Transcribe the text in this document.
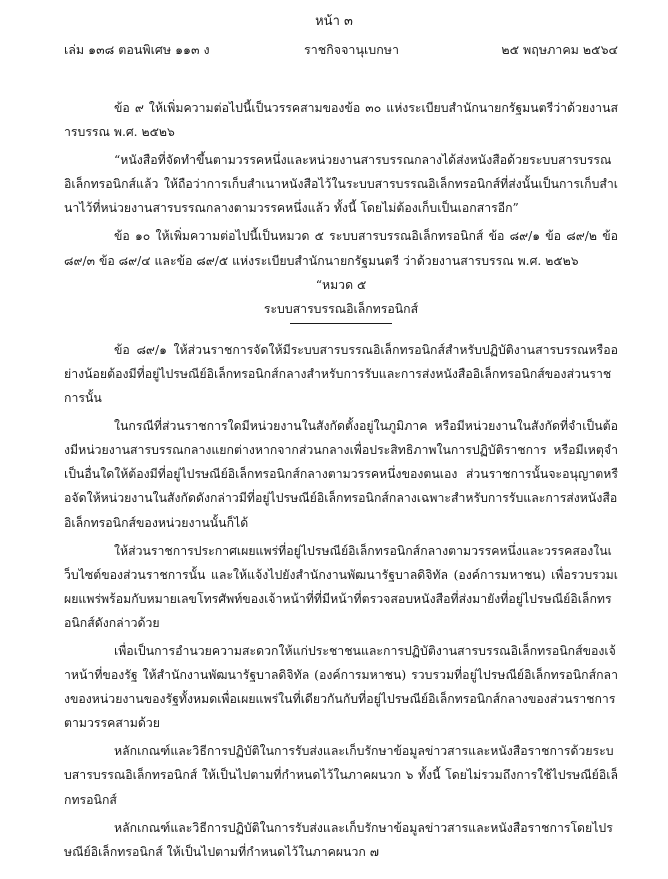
หน้า ๓
เล่ม ๑๓๘ ตอนพิเศษ ๑๑๓ ง	ราชกิจจานุเบกษา	๒๕ พฤษภาคม ๒๕๖๔

ข้อ ๙ ให้เพิ่มความต่อไปนี้เป็นวรรคสามของข้อ ๓๐ แห่งระเบียบสำนักนายกรัฐมนตรีว่าด้วยงานสารบรรณ พ.ศ. ๒๕๒๖

“หนังสือที่จัดทำขึ้นตามวรรคหนึ่งและหน่วยงานสารบรรณกลางได้ส่งหนังสือด้วยระบบสารบรรณอิเล็กทรอนิกส์แล้ว ให้ถือว่าการเก็บสำเนาหนังสือไว้ในระบบสารบรรณอิเล็กทรอนิกส์ที่ส่งนั้นเป็นการเก็บสำเนาไว้ที่หน่วยงานสารบรรณกลางตามวรรคหนึ่งแล้ว ทั้งนี้ โดยไม่ต้องเก็บเป็นเอกสารอีก”

ข้อ ๑๐ ให้เพิ่มความต่อไปนี้เป็นหมวด ๕ ระบบสารบรรณอิเล็กทรอนิกส์ ข้อ ๘๙/๑ ข้อ ๘๙/๒ ข้อ ๘๙/๓ ข้อ ๘๙/๔ และข้อ ๘๙/๕ แห่งระเบียบสำนักนายกรัฐมนตรี ว่าด้วยงานสารบรรณ พ.ศ. ๒๕๒๖

“หมวด ๕

ระบบสารบรรณอิเล็กทรอนิกส์

ข้อ ๘๙/๑ ให้ส่วนราชการจัดให้มีระบบสารบรรณอิเล็กทรอนิกส์สำหรับปฏิบัติงานสารบรรณหรืออย่างน้อยต้องมีที่อยู่ไปรษณีย์อิเล็กทรอนิกส์กลางสำหรับการรับและการส่งหนังสืออิเล็กทรอนิกส์ของส่วนราชการนั้น

ในกรณีที่ส่วนราชการใดมีหน่วยงานในสังกัดตั้งอยู่ในภูมิภาค หรือมีหน่วยงานในสังกัดที่จำเป็นต้องมีหน่วยงานสารบรรณกลางแยกต่างหากจากส่วนกลางเพื่อประสิทธิภาพในการปฏิบัติราชการ หรือมีเหตุจำเป็นอื่นใดให้ต้องมีที่อยู่ไปรษณีย์อิเล็กทรอนิกส์กลางตามวรรคหนึ่งของตนเอง ส่วนราชการนั้นจะอนุญาตหรือจัดให้หน่วยงานในสังกัดดังกล่าวมีที่อยู่ไปรษณีย์อิเล็กทรอนิกส์กลางเฉพาะสำหรับการรับและการส่งหนังสืออิเล็กทรอนิกส์ของหน่วยงานนั้นก็ได้

ให้ส่วนราชการประกาศเผยแพร่ที่อยู่ไปรษณีย์อิเล็กทรอนิกส์กลางตามวรรคหนึ่งและวรรคสองในเว็บไซต์ของส่วนราชการนั้น และให้แจ้งไปยังสำนักงานพัฒนารัฐบาลดิจิทัล (องค์การมหาชน) เพื่อรวบรวมเผยแพร่พร้อมกับหมายเลขโทรศัพท์ของเจ้าหน้าที่ที่มีหน้าที่ตรวจสอบหนังสือที่ส่งมายังที่อยู่ไปรษณีย์อิเล็กทรอนิกส์ดังกล่าวด้วย

เพื่อเป็นการอำนวยความสะดวกให้แก่ประชาชนและการปฏิบัติงานสารบรรณอิเล็กทรอนิกส์ของเจ้าหน้าที่ของรัฐ ให้สำนักงานพัฒนารัฐบาลดิจิทัล (องค์การมหาชน) รวบรวมที่อยู่ไปรษณีย์อิเล็กทรอนิกส์กลางของหน่วยงานของรัฐทั้งหมดเพื่อเผยแพร่ในที่เดียวกันกับที่อยู่ไปรษณีย์อิเล็กทรอนิกส์กลางของส่วนราชการตามวรรคสามด้วย

หลักเกณฑ์และวิธีการปฏิบัติในการรับส่งและเก็บรักษาข้อมูลข่าวสารและหนังสือราชการด้วยระบบสารบรรณอิเล็กทรอนิกส์ ให้เป็นไปตามที่กำหนดไว้ในภาคผนวก ๖ ทั้งนี้ โดยไม่รวมถึงการใช้ไปรษณีย์อิเล็กทรอนิกส์

หลักเกณฑ์และวิธีการปฏิบัติในการรับส่งและเก็บรักษาข้อมูลข่าวสารและหนังสือราชการโดยไปรษณีย์อิเล็กทรอนิกส์ ให้เป็นไปตามที่กำหนดไว้ในภาคผนวก ๗
